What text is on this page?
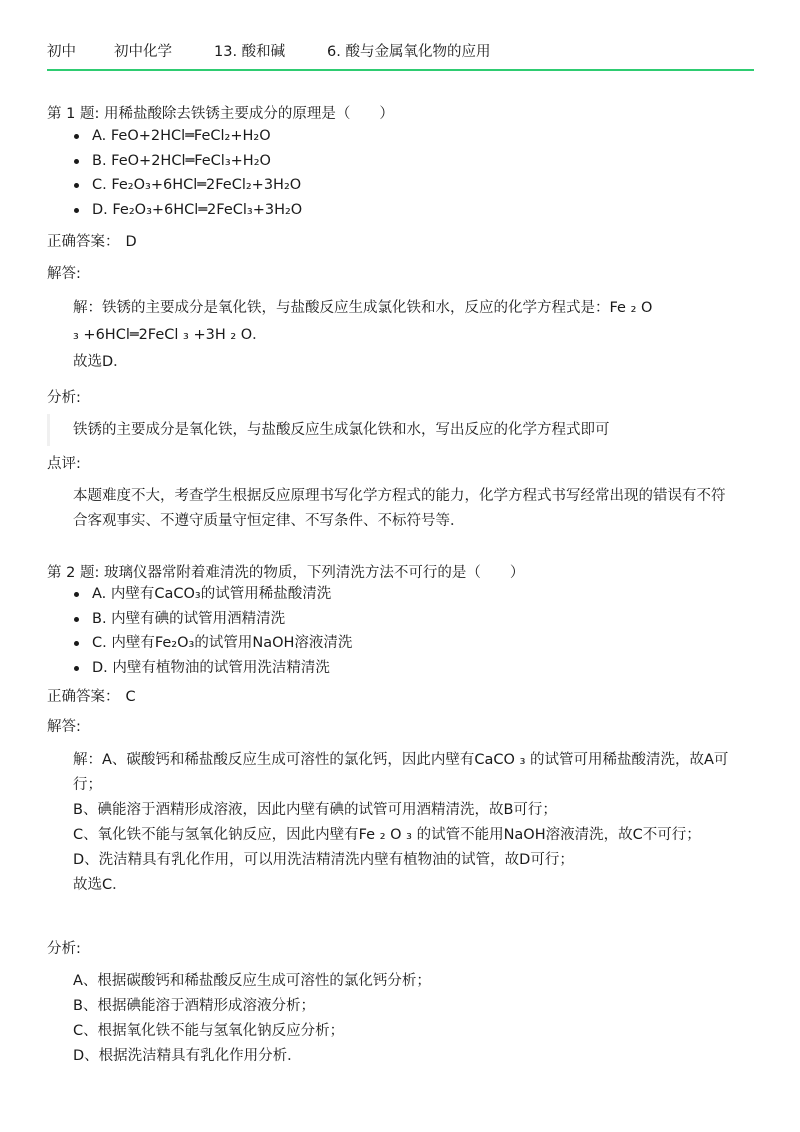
初中	初中化学	13. 酸和碱	6. 酸与金属氧化物的应用
第 1 题: 用稀盐酸除去铁锈主要成分的原理是（　　）
A. FeO+2HCl═FeCl₂+H₂O
B. FeO+2HCl═FeCl₃+H₂O
C. Fe₂O₃+6HCl═2FeCl₂+3H₂O
D. Fe₂O₃+6HCl═2FeCl₃+3H₂O
正确答案： D
解答:
解：铁锈的主要成分是氧化铁，与盐酸反应生成氯化铁和水，反应的化学方程式是：Fe ₂ O
₃ +6HCl═2FeCl ₃ +3H ₂ O．
故选D．
分析:
铁锈的主要成分是氧化铁，与盐酸反应生成氯化铁和水，写出反应的化学方程式即可
点评:
本题难度不大，考查学生根据反应原理书写化学方程式的能力，化学方程式书写经常出现的错误有不符合客观事实、不遵守质量守恒定律、不写条件、不标符号等．
第 2 题: 玻璃仪器常附着难清洗的物质，下列清洗方法不可行的是（　　）
A. 内壁有CaCO₃的试管用稀盐酸清洗
B. 内壁有碘的试管用酒精清洗
C. 内壁有Fe₂O₃的试管用NaOH溶液清洗
D. 内壁有植物油的试管用洗洁精清洗
正确答案： C
解答:
解：A、碳酸钙和稀盐酸反应生成可溶性的氯化钙，因此内壁有CaCO ₃ 的试管可用稀盐酸清洗，故A可行；
B、碘能溶于酒精形成溶液，因此内壁有碘的试管可用酒精清洗，故B可行；
C、氧化铁不能与氢氧化钠反应，因此内壁有Fe ₂ O ₃ 的试管不能用NaOH溶液清洗，故C不可行；
D、洗洁精具有乳化作用，可以用洗洁精清洗内壁有植物油的试管，故D可行；
故选C．
分析:
A、根据碳酸钙和稀盐酸反应生成可溶性的氯化钙分析；
B、根据碘能溶于酒精形成溶液分析；
C、根据氧化铁不能与氢氧化钠反应分析；
D、根据洗洁精具有乳化作用分析．
